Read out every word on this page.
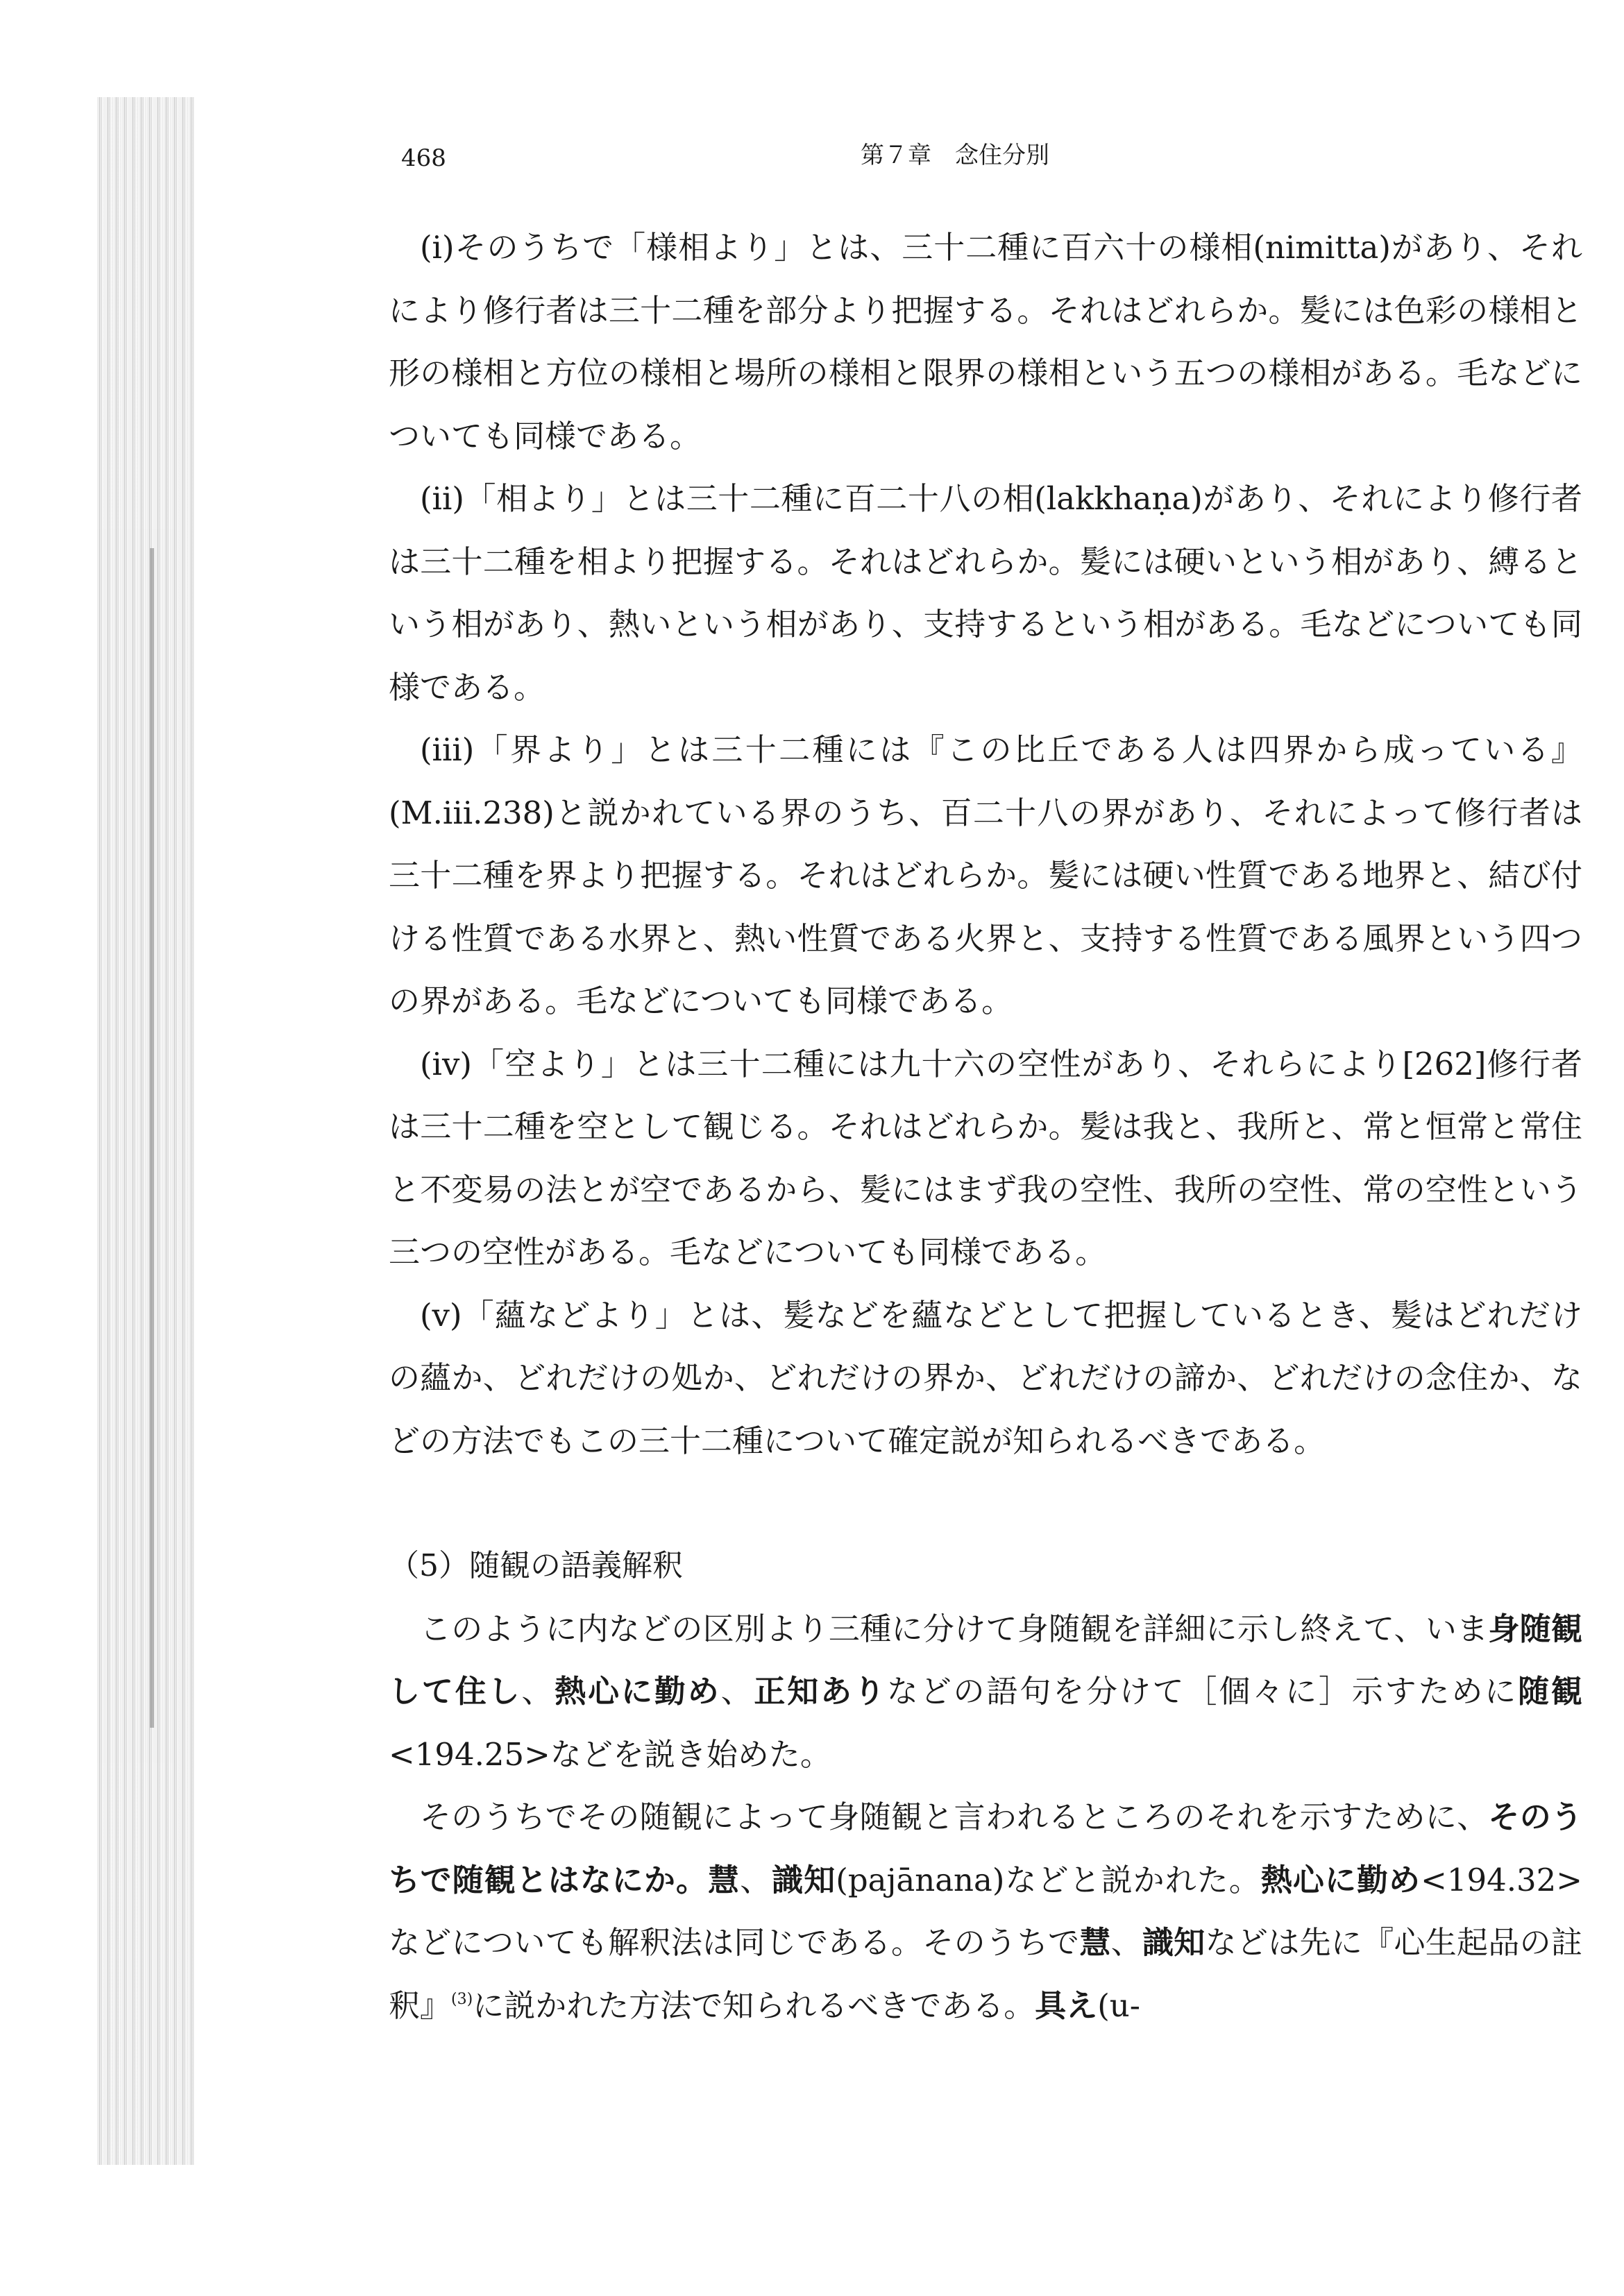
468	第７章　念住分別

(i)そのうちで「様相より」とは、三十二種に百六十の様相(nimitta)があり、それにより修行者は三十二種を部分より把握する。それはどれらか。髪には色彩の様相と形の様相と方位の様相と場所の様相と限界の様相という五つの様相がある。毛などについても同様である。

(ii)「相より」とは三十二種に百二十八の相(lakkhaṇa)があり、それにより修行者は三十二種を相より把握する。それはどれらか。髪には硬いという相があり、縛るという相があり、熱いという相があり、支持するという相がある。毛などについても同様である。

(iii)「界より」とは三十二種には『この比丘である人は四界から成っている』(M.iii.238)と説かれている界のうち、百二十八の界があり、それによって修行者は三十二種を界より把握する。それはどれらか。髪には硬い性質である地界と、結び付ける性質である水界と、熱い性質である火界と、支持する性質である風界という四つの界がある。毛などについても同様である。

(iv)「空より」とは三十二種には九十六の空性があり、それらにより[262]修行者は三十二種を空として観じる。それはどれらか。髪は我と、我所と、常と恒常と常住と不変易の法とが空であるから、髪にはまず我の空性、我所の空性、常の空性という三つの空性がある。毛などについても同様である。

(v)「蘊などより」とは、髪などを蘊などとして把握しているとき、髪はどれだけの蘊か、どれだけの処か、どれだけの界か、どれだけの諦か、どれだけの念住か、などの方法でもこの三十二種について確定説が知られるべきである。

（5）随観の語義解釈

このように内などの区別より三種に分けて身随観を詳細に示し終えて、いま身随観して住し、熱心に勤め、正知ありなどの語句を分けて［個々に］示すために随観<194.25>などを説き始めた。

そのうちでその随観によって身随観と言われるところのそれを示すために、そのうちで随観とはなにか。慧、識知(pajānana)などと説かれた。熱心に勤め<194.32>などについても解釈法は同じである。そのうちで慧、識知などは先に『心生起品の註釈』$^{(3)}$に説かれた方法で知られるべきである。具え(u-
